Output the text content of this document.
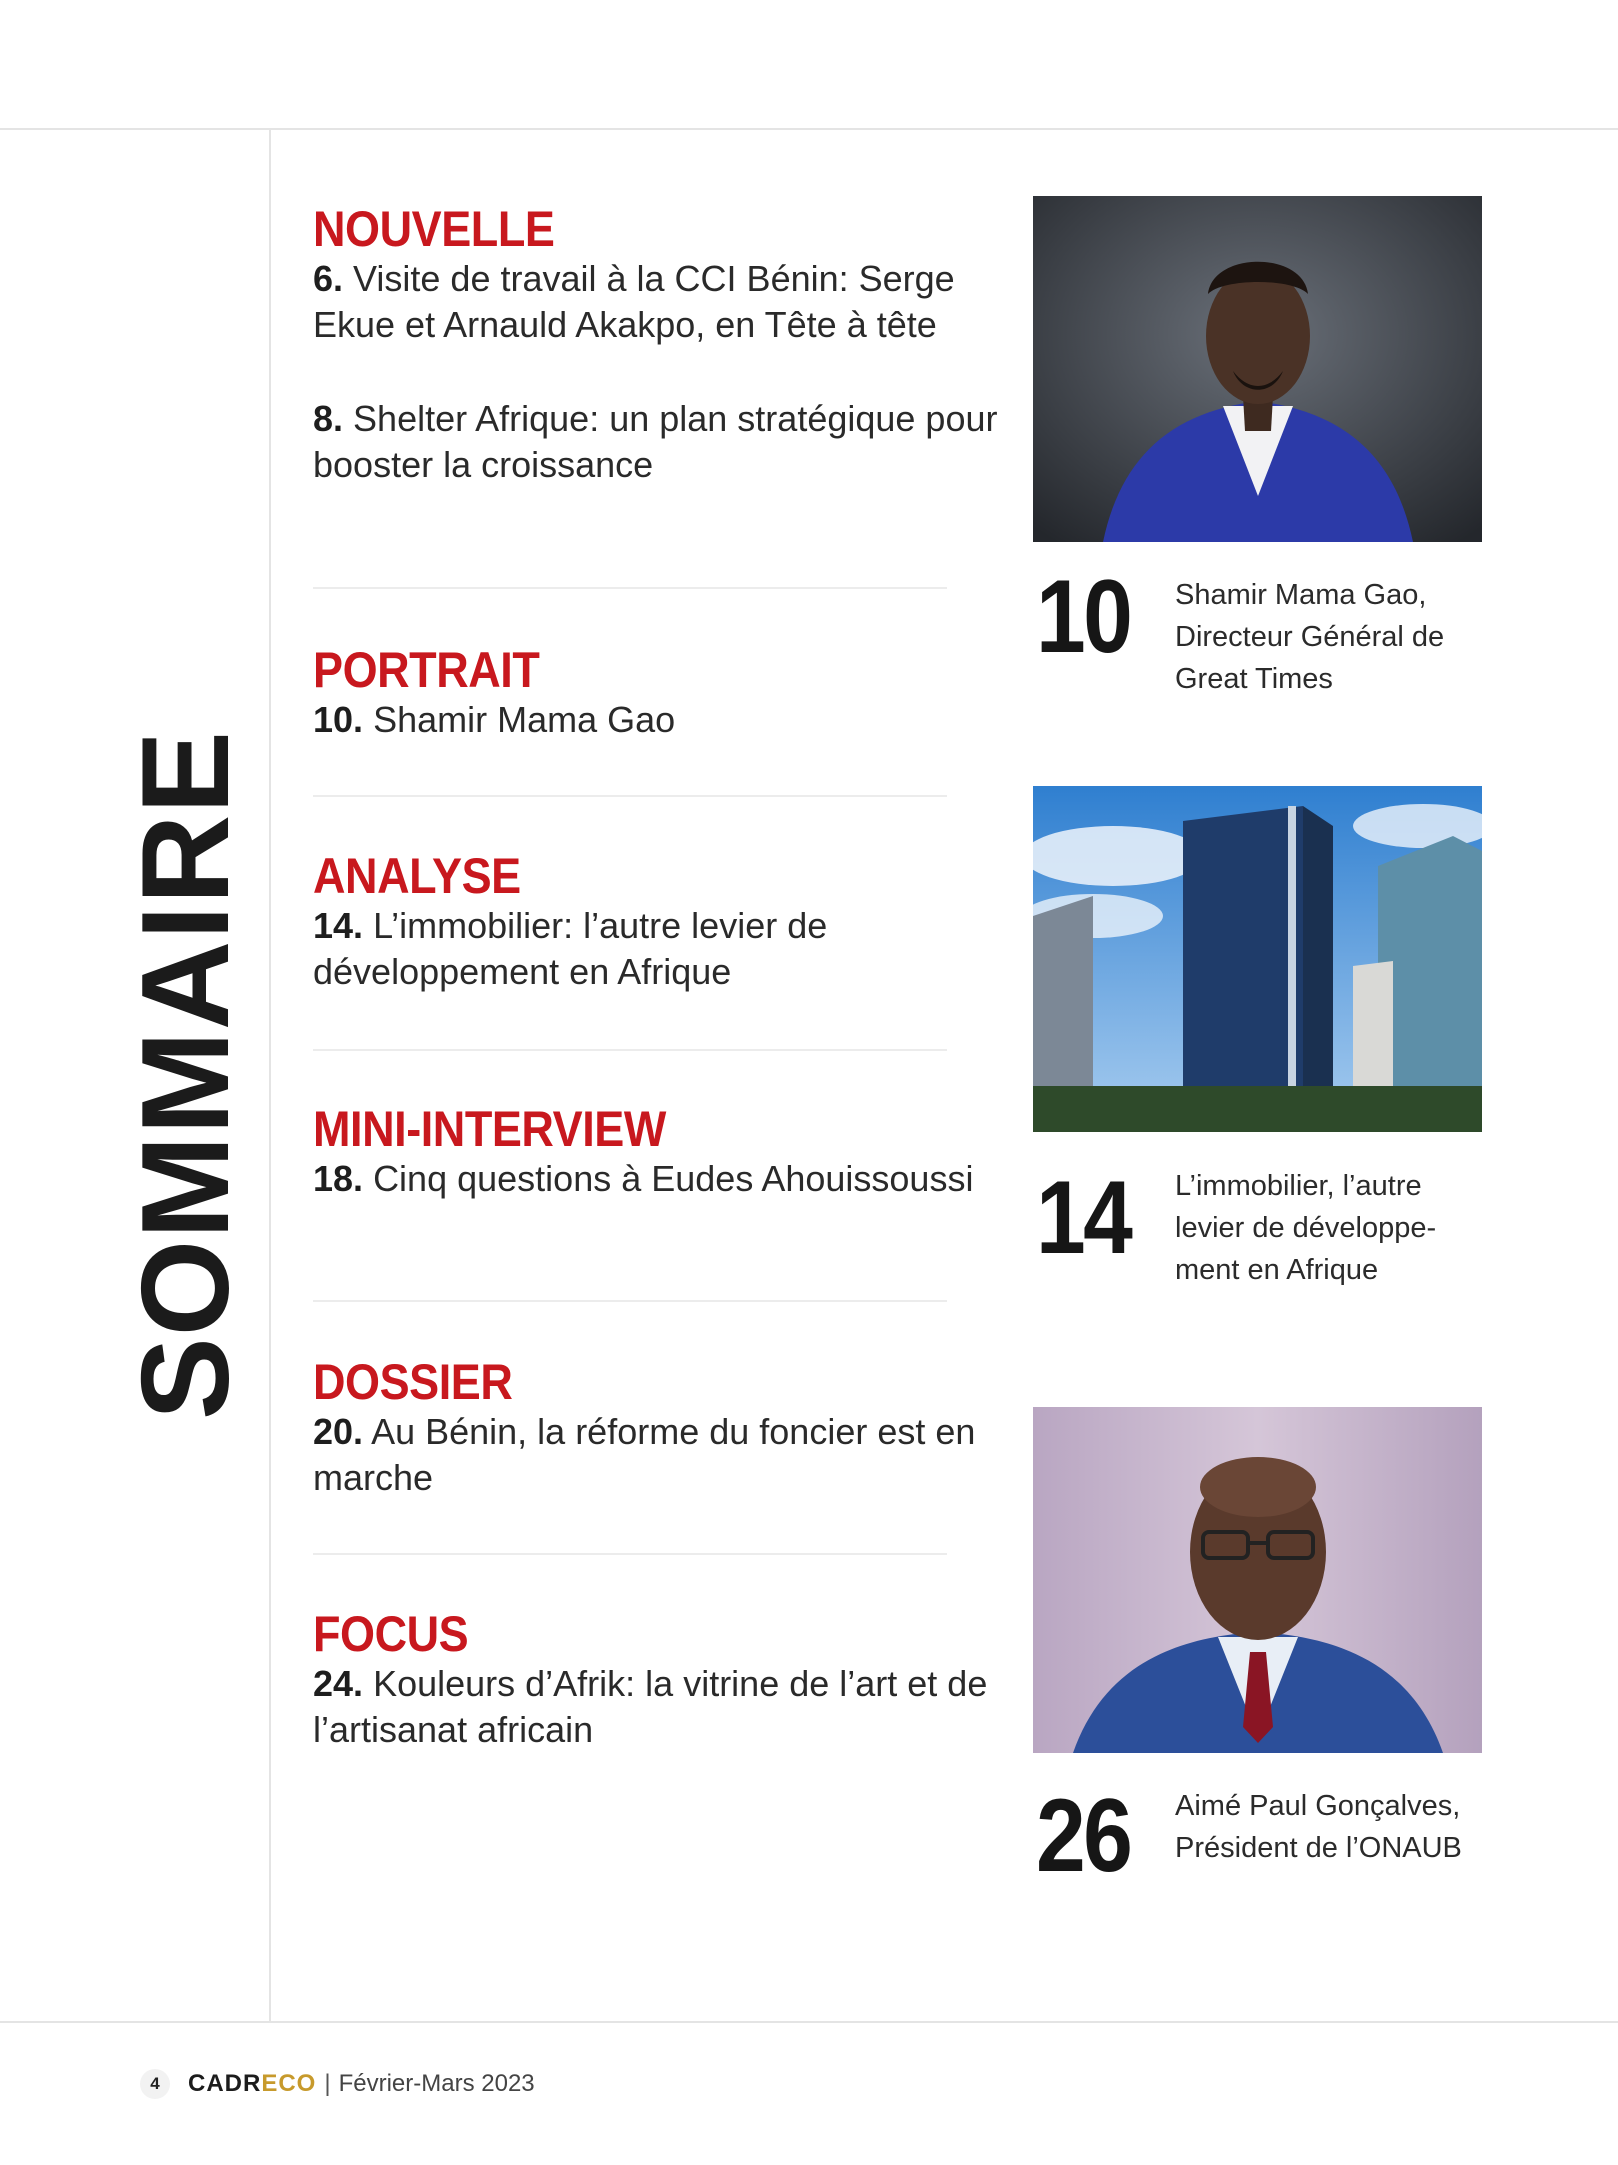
SOMMAIRE
NOUVELLE
6. Visite de travail à la CCI Bénin: Serge Ekue et Arnauld Akakpo, en Tête à tête
8. Shelter Afrique: un plan stratégique pour booster la croissance
PORTRAIT
10. Shamir Mama Gao
ANALYSE
14. L’immobilier: l’autre levier de développement en Afrique
MINI-INTERVIEW
18. Cinq questions à Eudes Ahouissoussi
DOSSIER
20. Au Bénin, la réforme du foncier est en marche
FOCUS
24. Kouleurs d’Afrik: la vitrine de l’art et de l’artisanat africain
10 Shamir Mama Gao, Directeur Général de Great Times
14 L’immobilier, l’autre levier de développe-ment en Afrique
26 Aimé Paul Gonçalves, Président de l’ONAUB
4	CADRECO | Février-Mars 2023
